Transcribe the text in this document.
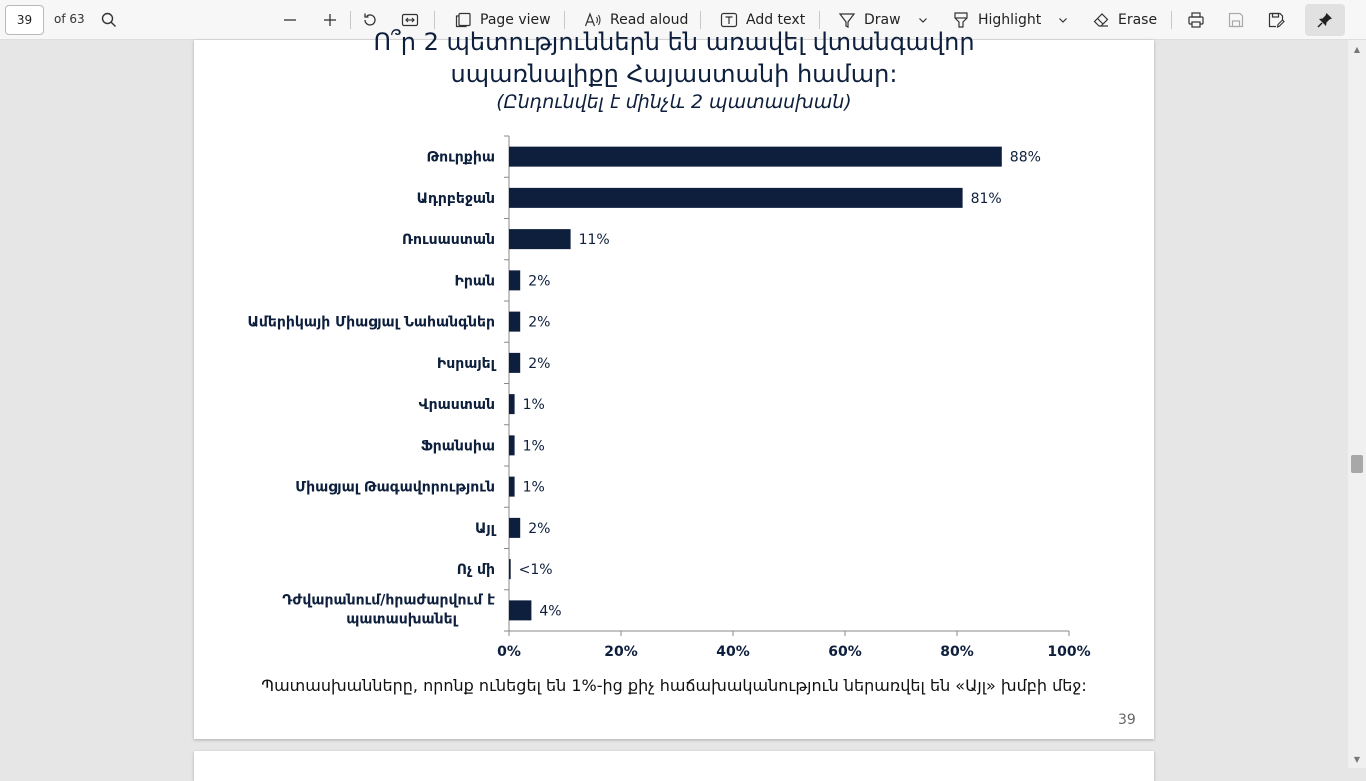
39	of 63	Page view	Read aloud	Add text	Draw	Highlight	Erase
▲
▼
Ո՞ր 2 պետություններն են առավել վտանգավոր
սպառնալիքը Հայաստանի համար:
(Ընդունվել է մինչև 2 պատասխան)
0%	20%	40%	60%	80%	100%
88%
Թուրքիա
81%
Ադրբեջան
11%
Ռուսաստան
2%
Իրան
2%
Ամերիկայի Միացյալ Նահանգներ
2%
Իսրայել
1%
Վրաստան
1%
Ֆրանսիա
1%
Միացյալ Թագավորություն
2%
Այլ
<1%
Ոչ մի
4%
Դժվարանում/հրաժարվում է պատասխանել
Պատասխանները, որոնք ունեցել են 1%-ից քիչ հաճախականություն ներառվել են «Այլ» խմբի մեջ:
39
